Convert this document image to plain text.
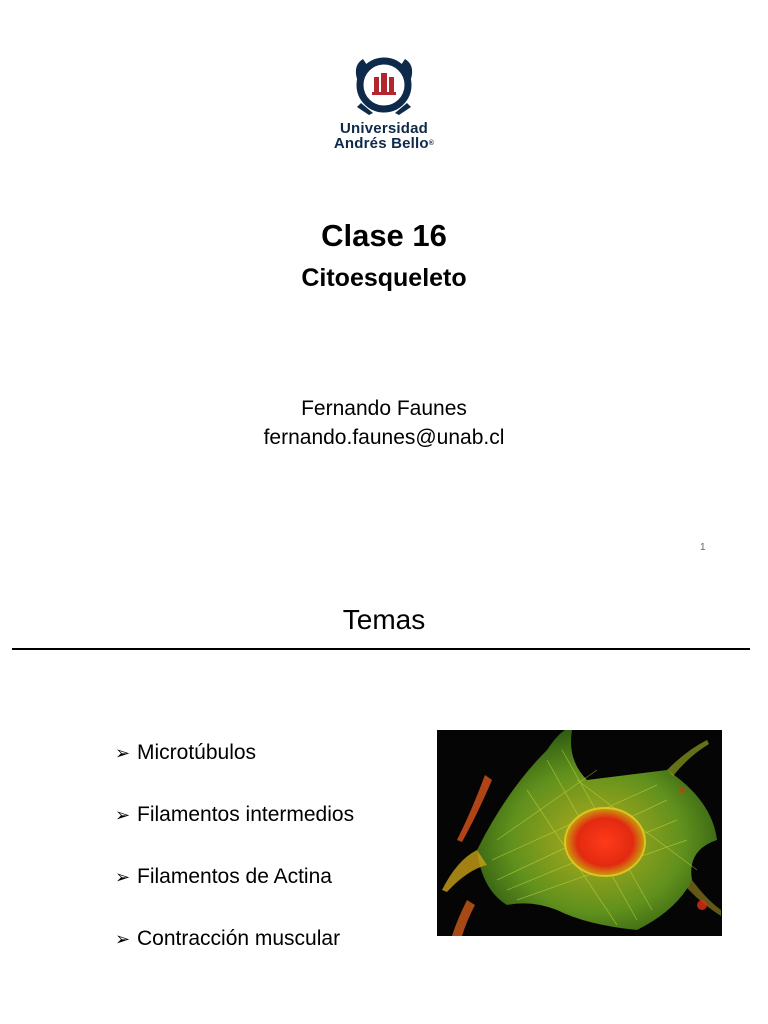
Universidad
Andrés Bello®
Clase 16
Citoesqueleto
Fernando Faunes
fernando.faunes@unab.cl
1
Temas
➢ Microtúbulos
➢ Filamentos intermedios
➢ Filamentos de Actina
➢ Contracción muscular
